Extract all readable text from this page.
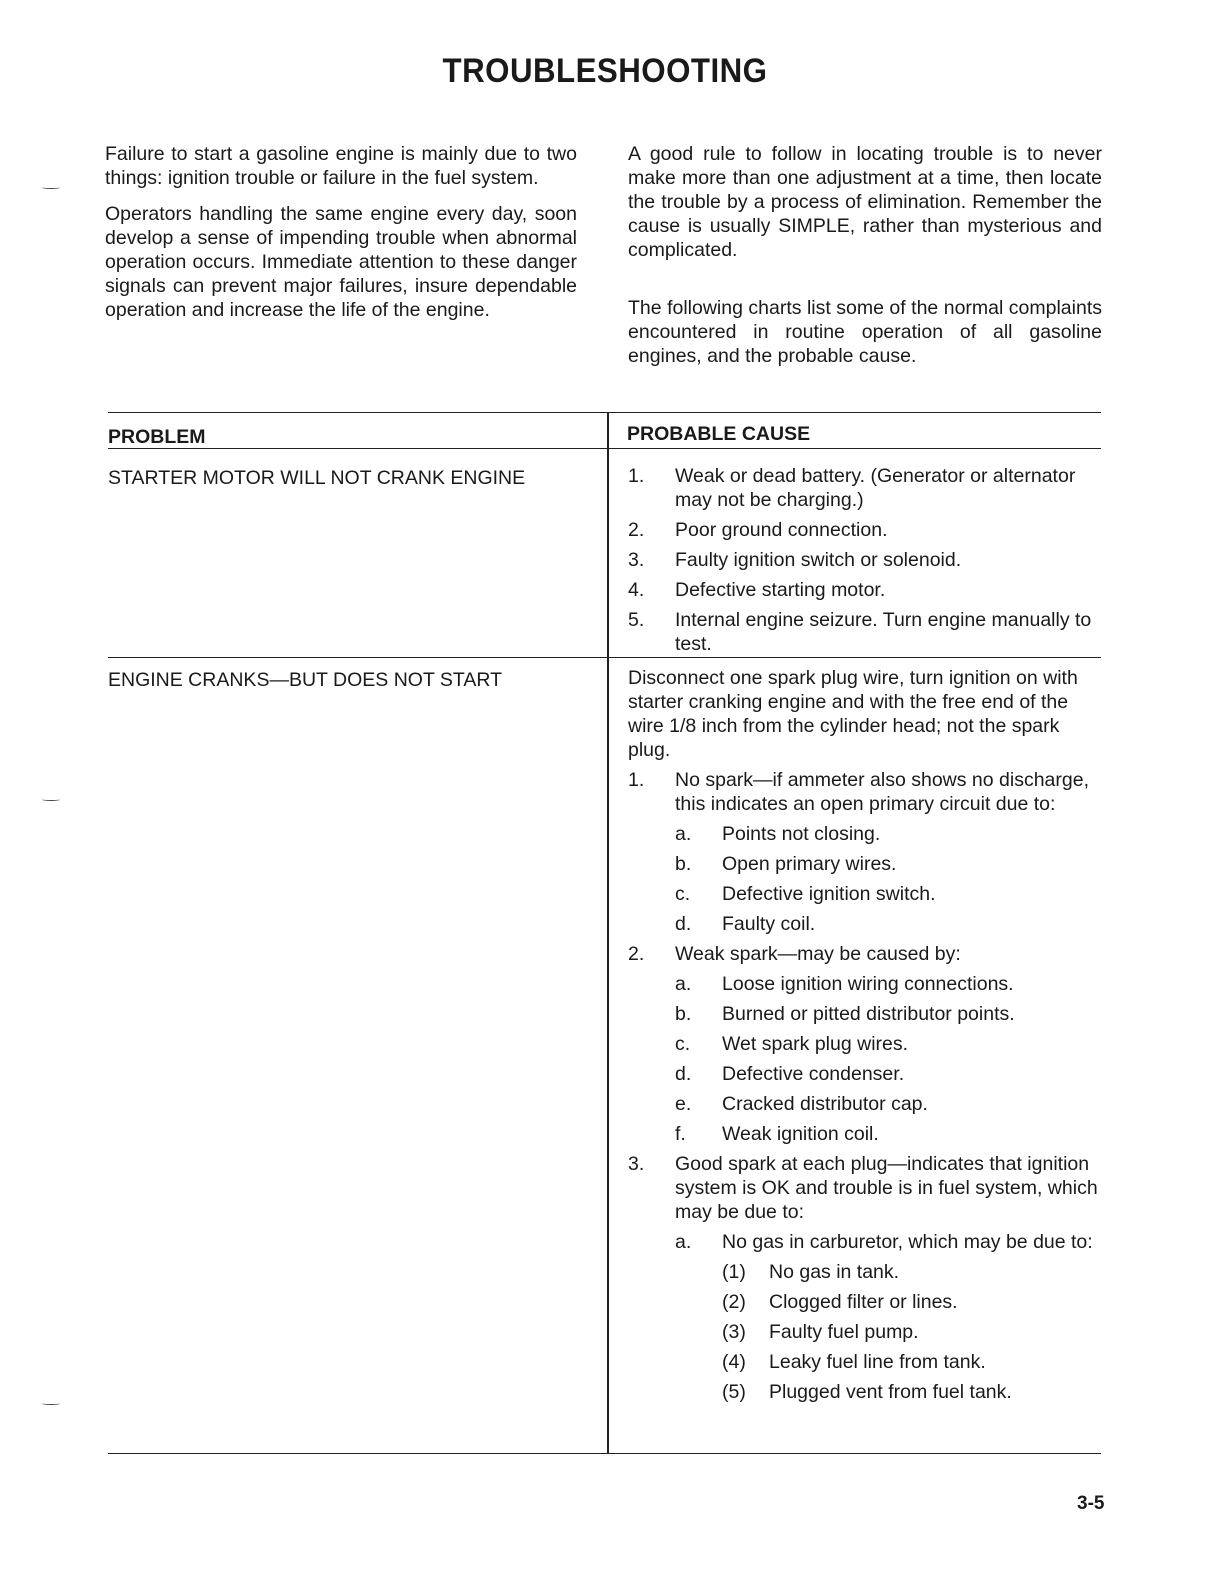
TROUBLESHOOTING

Failure to start a gasoline engine is mainly due to two things: ignition trouble or failure in the fuel system.

Operators handling the same engine every day, soon develop a sense of impending trouble when abnormal operation occurs. Immediate attention to these danger signals can prevent major failures, insure dependable operation and increase the life of the engine.

A good rule to follow in locating trouble is to never make more than one adjustment at a time, then locate the trouble by a process of elimination. Remember the cause is usually SIMPLE, rather than mysterious and complicated.

The following charts list some of the normal complaints encountered in routine operation of all gasoline engines, and the probable cause.

PROBLEM	PROBABLE CAUSE
STARTER MOTOR WILL NOT CRANK ENGINE	1.	Weak or dead battery. (Generator or alternator may not be charging.)
2.	Poor ground connection.
3.	Faulty ignition switch or solenoid.
4.	Defective starting motor.
5.	Internal engine seizure. Turn engine manually to test.
ENGINE CRANKS—BUT DOES NOT START	Disconnect one spark plug wire, turn ignition on with starter cranking engine and with the free end of the wire 1/8 inch from the cylinder head; not the spark plug.
1.	No spark—if ammeter also shows no discharge, this indicates an open primary circuit due to:
a.	Points not closing.
b.	Open primary wires.
c.	Defective ignition switch.
d.	Faulty coil.
2.	Weak spark—may be caused by:
a.	Loose ignition wiring connections.
b.	Burned or pitted distributor points.
c.	Wet spark plug wires.
d.	Defective condenser.
e.	Cracked distributor cap.
f.	Weak ignition coil.
3.	Good spark at each plug—indicates that ignition system is OK and trouble is in fuel system, which may be due to:
a.	No gas in carburetor, which may be due to:
(1)	No gas in tank.
(2)	Clogged filter or lines.
(3)	Faulty fuel pump.
(4)	Leaky fuel line from tank.
(5)	Plugged vent from fuel tank.
3-5
